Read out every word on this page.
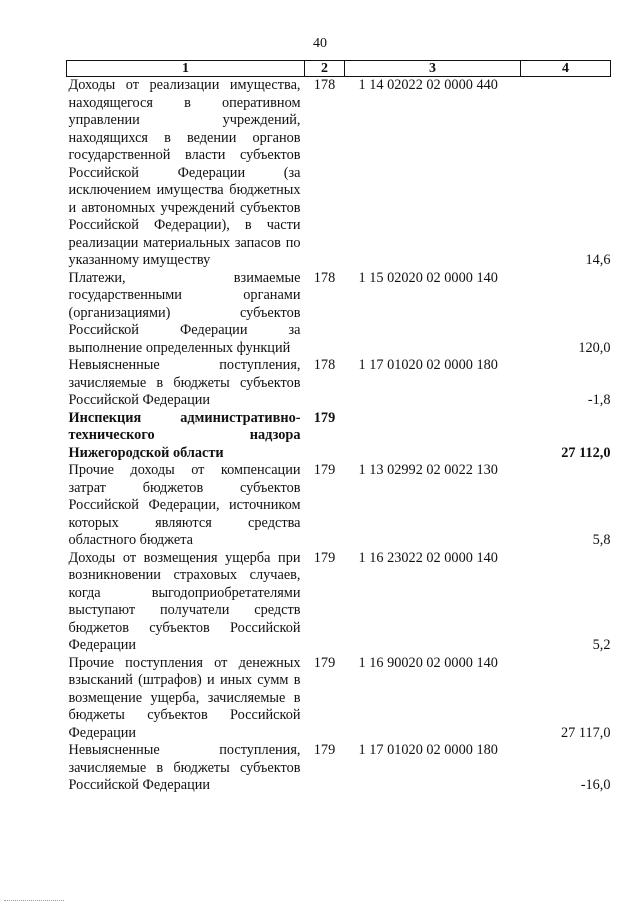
40
1	2	3	4
Доходы от реализации имущества, находящегося в оперативном управлении учреждений, находящихся в ведении органов государственной власти субъектов Российской Федерации (за исключением имущества бюджетных и автономных учреждений субъектов Российской Федерации), в части реализации материальных запасов по указанному имуществу	178	1 14 02022 02 0000 440	14,6
Платежи, взимаемые государственными органами (организациями) субъектов Российской Федерации за выполнение определенных функций	178	1 15 02020 02 0000 140	120,0
Невыясненные поступления, зачисляемые в бюджеты субъектов Российской Федерации	178	1 17 01020 02 0000 180	-1,8
Инспекция административно-технического надзора Нижегородской области	179		27 112,0
Прочие доходы от компенсации затрат бюджетов субъектов Российской Федерации, источником которых являются средства областного бюджета	179	1 13 02992 02 0022 130	5,8
Доходы от возмещения ущерба при возникновении страховых случаев, когда выгодоприобретателями выступают получатели средств бюджетов субъектов Российской Федерации	179	1 16 23022 02 0000 140	5,2
Прочие поступления от денежных взысканий (штрафов) и иных сумм в возмещение ущерба, зачисляемые в бюджеты субъектов Российской Федерации	179	1 16 90020 02 0000 140	27 117,0
Невыясненные поступления, зачисляемые в бюджеты субъектов Российской Федерации	179	1 17 01020 02 0000 180	-16,0
